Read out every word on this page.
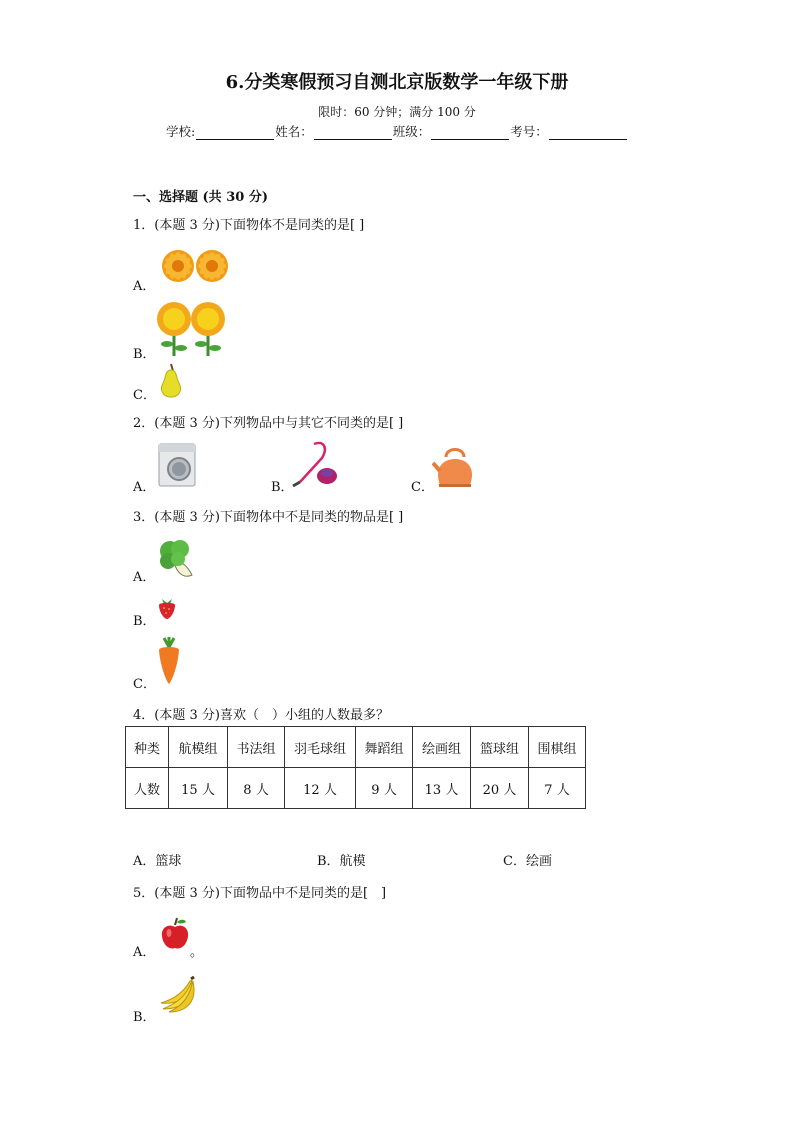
6.分类寒假预习自测北京版数学一年级下册
限时：60 分钟；满分 100 分
学校:	姓名：	班级：	考号：
一、选择题 (共 30 分)
1．(本题 3 分)下面物体不是同类的是[ ]
A．
B．
C．
2．(本题 3 分)下列物品中与其它不同类的是[ ]
A．	B．	C．
3．(本题 3 分)下面物体中不是同类的物品是[ ]
A．
B．
C．
4．(本题 3 分)喜欢（　）小组的人数最多？
种类	航模组	书法组	羽毛球组	舞蹈组	绘画组	篮球组	围棋组
人数	15 人	8 人	12 人	9 人	13 人	20 人	7 人
A．篮球	B．航模	C．绘画
5．(本题 3 分)下面物品中不是同类的是[　]
A．	。
B．
